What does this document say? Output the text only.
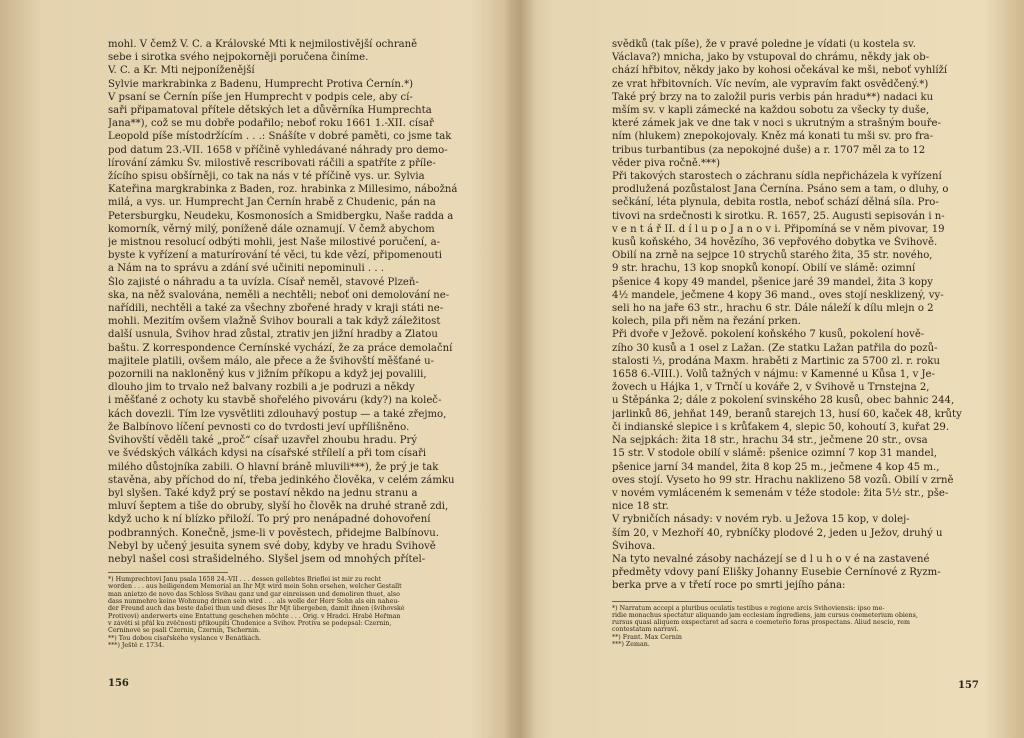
mohl. V čemž V. C. a Královské Mti k nejmilostivější ochraně
sebe i sirotka svého nejpokorněji poručena činíme.
V. C. a Kr. Mti nejponíženější
Sylvie markrabinka z Badenu, Humprecht Protiva Černín.*)
V psaní se Černín píše jen Humprecht v podpis cele, aby cí-
saři připamatoval přítele dětských let a důvěrníka Humprechta
Jana**), což se mu dobře podařilo; neboť roku 1661 1.-XII. císař
Leopold píše místodržícím . . .: Snášíte v dobré paměti, co jsme tak
pod datum 23.-VII. 1658 v příčině vyhledávané náhrady pro demo-
lírování zámku Šv. milostivě rescribovati ráčili a spatříte z příle-
žícího spisu obšírněji, co tak na nás v té příčině vys. ur. Sylvia
Kateřina margkrabinka z Baden, roz. hrabinka z Millesimo, nábožná
milá, a vys. ur. Humprecht Jan Černín hrabě z Chudenic, pán na
Petersburgku, Neudeku, Kosmonosích a Smidbergku, Naše radda a
komorník, věrný milý, poníženě dále oznamují. V čemž abychom
je mistnou resolucí odbýti mohli, jest Naše milostivé poručení, a-
byste k vyřízení a maturírování té věci, tu kde vězí, připomenouti
a Nám na to správu a zdání své učiniti nepominuli . . .
Šlo zajisté o náhradu a ta uvízla. Císař neměl, stavové Plzeň-
ska, na něž svalována, neměli a nechtěli; neboť oni demolování ne-
nařídili, nechtěli a také za všechny zbořené hrady v kraji státi ne-
mohli. Mezitím ovšem vlažně Švihov bourali a tak když záležitost
další usnula, Švihov hrad zůstal, ztrativ jen jižní hradby a Zlatou
baštu. Z korrespondence Černínské vychází, že za práce demolační
majitele platili, ovšem málo, ale přece a že švihovští měšťané u-
pozornili na nakloněný kus v jižním příkopu a když jej povalili,
dlouho jim to trvalo než balvany rozbili a je podruzi a někdy
i měšťané z ochoty ku stavbě shořelého pivováru (kdy?) na koleč-
kách dovezli. Tím lze vysvětliti zdlouhavý postup — a také zřejmo,
že Balbínovo líčení pevnosti co do tvrdosti jeví upřílišněno.
Švihovští věděli také „proč“ císař uzavřel zhoubu hradu. Prý
ve švédských válkách kdysi na císařské střílelí a při tom císaři
milého důstojníka zabili. O hlavní bráně mluvili***), že prý je tak
stavěna, aby příchod do ní, třeba jedinkého člověka, v celém zámku
byl slyšen. Také když prý se postaví někdo na jednu stranu a
mluví šeptem a tiše do obruby, slyší ho člověk na druhé straně zdi,
když ucho k ní blízko přiloží. To prý pro nenápadné dohovoření
podbranných. Konečně, jsme-li v pověstech, přidejme Balbínovu.
Nebyl by učený jesuita synem své doby, kdyby ve hradu Švihově
nebyl našel cosi strašidelného. Slyšel jsem od mnohých přítel-
*) Humprechtovi Janu psala 1658 24.-VII . . . dessen gellebtes Brieflei ist mir zu recht
worden . . . aus heiligendem Memorial an Ihr Mjt wird mein Sohn ersehen, welcher Gestallt
man anietzo de novo das Schloss Svihau ganz und gar einreissen und demoliren thuet, also
dass nunmehro keine Wohnung drinen sein wird . . . als wolle der Herr Sohn als ein naheu-
der Freund auch das beste dabei thun und dieses Ihr Mjt übergeben, damit ihnen (švihovské
Protivovi) anderwerts eine Entattung geschehen möchte . . . Orig. v Hradci. Hrabě Heřman
v závěti si přál ku zvěčnosti příkoupiti Chudenice a Švihov. Protiva se podepsal: Czernin,
Černínové se psali Czernin, Czernin, Tschernin.
**) Tou dobou císařského vyslance v Benátkách.
***) Ještě r. 1734.
156
svědků (tak píše), že v pravé poledne je vídati (u kostela sv.
Václava?) mnicha, jako by vstupoval do chrámu, někdy jak ob-
chází hřbitov, někdy jako by kohosi očekával ke mši, neboť vyhlíží
ze vrat hřbitovních. Víc nevím, ale vypravím fakt osvědčený.*)
Také prý brzy na to založil puris verbis pán hradu**) nadaci ku
mším sv. v kapli zámecké na každou sobotu za všecky ty duše,
které zámek jak ve dne tak v noci s ukrutným a strašným bouře-
ním (hlukem) znepokojovaly. Kněz má konati tu mši sv. pro fra-
tribus turbantibus (za nepokojné duše) a r. 1707 měl za to 12
věder piva ročně.***)
Při takových starostech o záchranu sídla nepřicházela k vyřízení
prodlužená pozůstalost Jana Černína. Psáno sem a tam, o dluhy, o
sečkání, léta plynula, debita rostla, neboť schází dělná síla. Pro-
tivovi na srdečnosti k sirotku. R. 1657, 25. Augusti sepisován i n-
v e n t á ř II. d í l u p o J a n o v i. Připomíná se v něm pivovar, 19
kusů koňského, 34 hovězího, 36 vepřového dobytka ve Švihově.
Obilí na zrně na sejpce 10 strychů starého žita, 35 str. nového,
9 str. hrachu, 13 kop snopků konopí. Obilí ve slámě: ozimní
pšenice 4 kopy 49 mandel, pšenice jaré 39 mandel, žita 3 kopy
4½ mandele, ječmene 4 kopy 36 mand., oves stojí nesklizený, vy-
seli ho na jaře 63 str., hrachu 6 str. Dále náleží k dílu mlejn o 2
kolech, pila při něm na řezání prken.
Při dvoře v Ježově. pokolení koňského 7 kusů, pokolení hově-
zího 30 kusů a 1 osel z Lažan. (Ze statku Lažan patřila do pozů-
stalosti ⅓, prodána Maxm. hraběti z Martinic za 5700 zl. r. roku
1658 6.-VIII.). Volů tažných v nájmu: v Kamenné u Kůsa 1, v Je-
žovech u Hájka 1, v Trnčí u kováře 2, v Švihově u Trnstejna 2,
u Štěpánka 2; dále z pokolení svinského 28 kusů, obec bahnic 244,
jarlinků 86, jehňat 149, beranů starejch 13, husí 60, kaček 48, krůty
či indianské slepice i s krůťakem 4, slepic 50, kohoutí 3, kuřat 29.
Na sejpkách: žita 18 str., hrachu 34 str., ječmene 20 str., ovsa
15 str. V stodole obilí v slámě: pšenice ozimní 7 kop 31 mandel,
pšenice jarní 34 mandel, žita 8 kop 25 m., ječmene 4 kop 45 m.,
oves stojí. Vyseto ho 99 str. Hrachu naklizeno 58 vozů. Obilí v zrně
v novém vymláceném k semenám v téže stodole: žita 5½ str., pše-
nice 18 str.
V rybničích násady: v novém ryb. u Ježova 15 kop, v dolej-
ším 20, v Mezhoří 40, rybníčky plodové 2, jeden u Ježov, druhý u
Švihova.
Na tyto nevalné zásoby nacházejí se d l u h o v é na zastavené
předměty vdovy paní Elišky Johanny Eusebie Černínové z Ryzm-
berka prve a v třetí roce po smrti jejího pána:
*) Narratum accepi a pluribus oculatis testibus e regione arcis Švihoviensis: ipso me-
ridie monachus spectatur aliquando jam ecclesiam ingrediens, jam cursus coemeterium obiens,
rursus quasi aliquem exspectaret ad sacra e coemeterio foras prospectans. Aliud nescio, rem
contestatam narravi.
**) Frant. Max Černín
***) Zeman.
157
